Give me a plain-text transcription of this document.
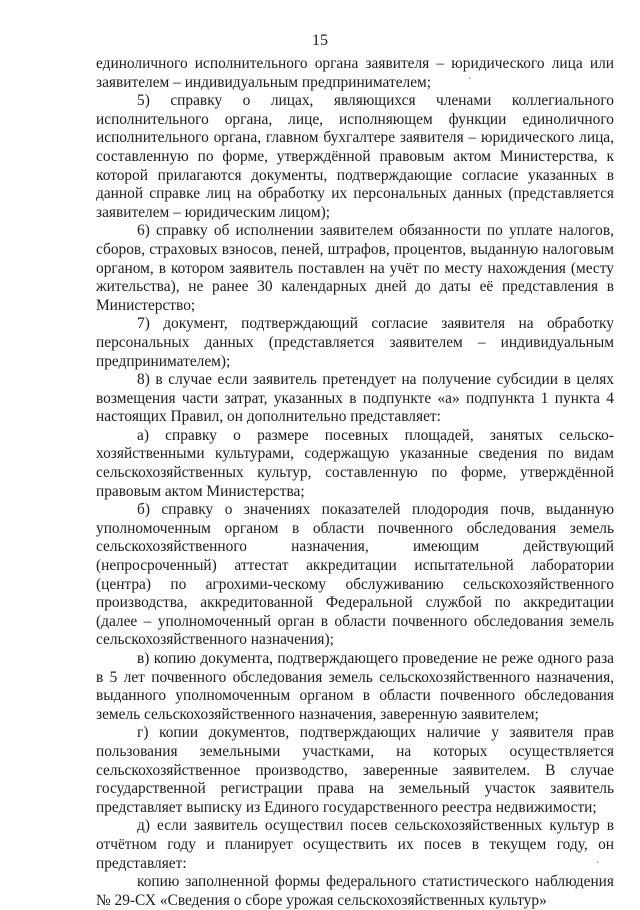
15

единоличного исполнительного органа заявителя – юридического лица или заявителем – индивидуальным предпринимателем;

5) справку о лицах, являющихся членами коллегиального исполнительного органа, лице, исполняющем функции единоличного исполнительного органа, главном бухгалтере заявителя – юридического лица, составленную по форме, утверждённой правовым актом Министерства, к которой прилагаются документы, подтверждающие согласие указанных в данной справке лиц на обработку их персональных данных (представляется заявителем – юридическим лицом);

6) справку об исполнении заявителем обязанности по уплате налогов, сборов, страховых взносов, пеней, штрафов, процентов, выданную налоговым органом, в котором заявитель поставлен на учёт по месту нахождения (месту жительства), не ранее 30 календарных дней до даты её представления в Министерство;

7) документ, подтверждающий согласие заявителя на обработку персональных данных (представляется заявителем – индивидуальным предпринимателем);

8) в случае если заявитель претендует на получение субсидии в целях возмещения части затрат, указанных в подпункте «а» подпункта 1 пункта 4 настоящих Правил, он дополнительно представляет:

а) справку о размере посевных площадей, занятых сельско-хозяйственными культурами, содержащую указанные сведения по видам сельскохозяйственных культур, составленную по форме, утверждённой правовым актом Министерства;

б) справку о значениях показателей плодородия почв, выданную уполномоченным органом в области почвенного обследования земель сельскохозяйственного назначения, имеющим действующий (непросроченный) аттестат аккредитации испытательной лаборатории (центра) по агрохими-ческому обслуживанию сельскохозяйственного производства, аккредитованной Федеральной службой по аккредитации (далее – уполномоченный орган в области почвенного обследования земель сельскохозяйственного назначения);

в) копию документа, подтверждающего проведение не реже одного раза в 5 лет почвенного обследования земель сельскохозяйственного назначения, выданного уполномоченным органом в области почвенного обследования земель сельскохозяйственного назначения, заверенную заявителем;

г) копии документов, подтверждающих наличие у заявителя прав пользования земельными участками, на которых осуществляется сельскохозяйственное производство, заверенные заявителем. В случае государственной регистрации права на земельный участок заявитель представляет выписку из Единого государственного реестра недвижимости;

д) если заявитель осуществил посев сельскохозяйственных культур в отчётном году и планирует осуществить их посев в текущем году, он представляет:

копию заполненной формы федерального статистического наблюдения № 29-СХ «Сведения о сборе урожая сельскохозяйственных культур»

·
·
